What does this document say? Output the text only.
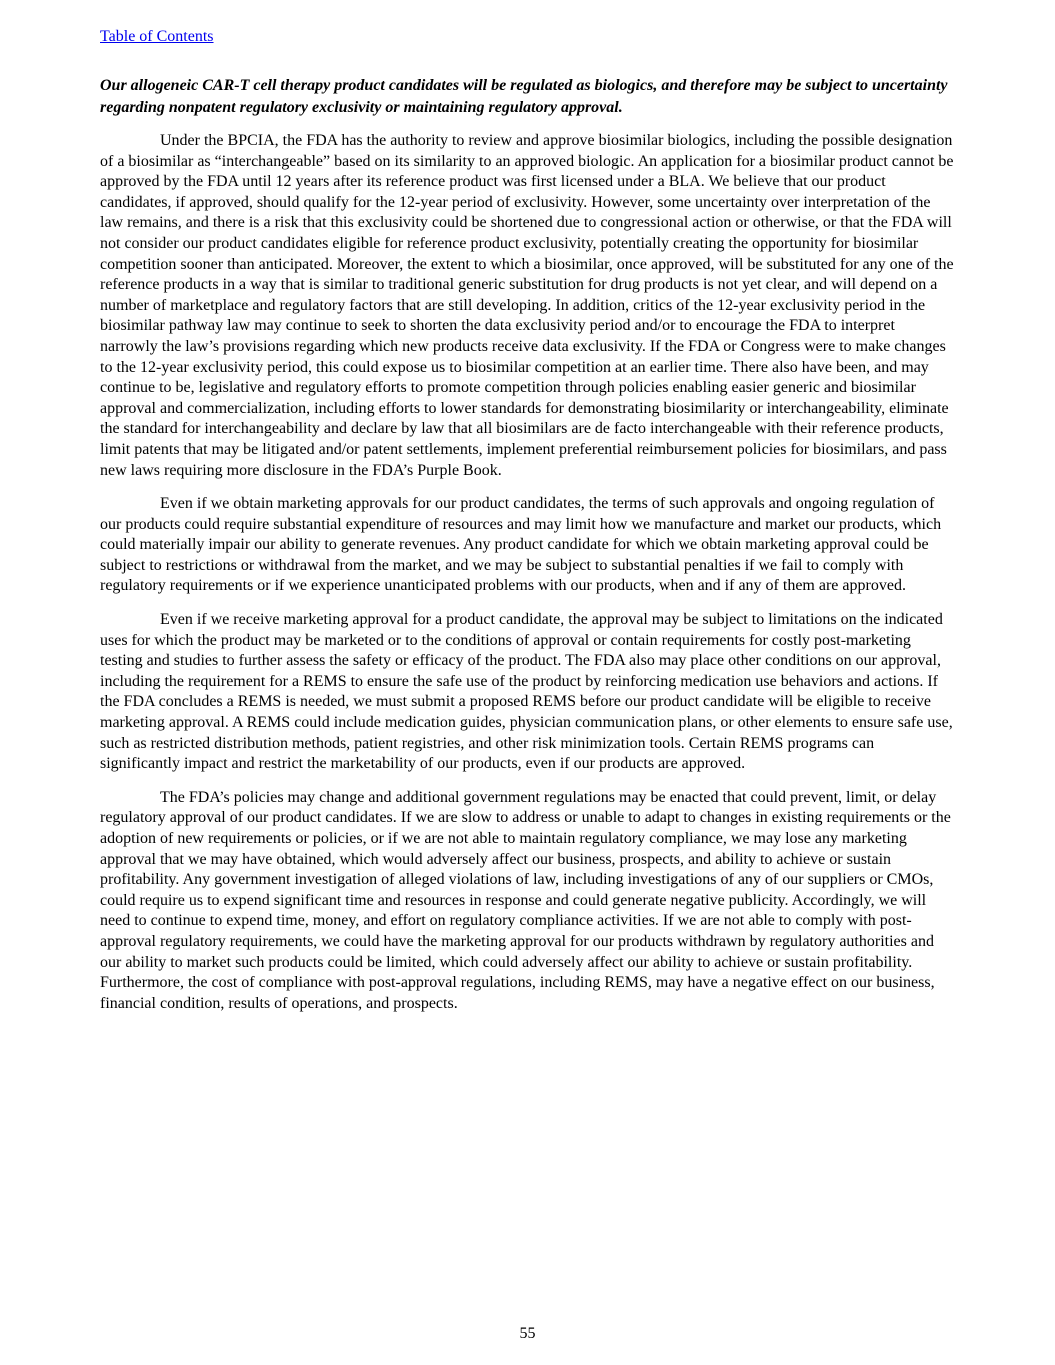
Table of Contents
Our allogeneic CAR-T cell therapy product candidates will be regulated as biologics, and therefore may be subject to uncertainty regarding nonpatent regulatory exclusivity or maintaining regulatory approval.

Under the BPCIA, the FDA has the authority to review and approve biosimilar biologics, including the possible designation of a biosimilar as “interchangeable” based on its similarity to an approved biologic. An application for a biosimilar product cannot be approved by the FDA until 12 years after its reference product was first licensed under a BLA. We believe that our product candidates, if approved, should qualify for the 12-year period of exclusivity. However, some uncertainty over interpretation of the law remains, and there is a risk that this exclusivity could be shortened due to congressional action or otherwise, or that the FDA will not consider our product candidates eligible for reference product exclusivity, potentially creating the opportunity for biosimilar competition sooner than anticipated. Moreover, the extent to which a biosimilar, once approved, will be substituted for any one of the reference products in a way that is similar to traditional generic substitution for drug products is not yet clear, and will depend on a number of marketplace and regulatory factors that are still developing. In addition, critics of the 12-year exclusivity period in the biosimilar pathway law may continue to seek to shorten the data exclusivity period and/or to encourage the FDA to interpret narrowly the law’s provisions regarding which new products receive data exclusivity. If the FDA or Congress were to make changes to the 12-year exclusivity period, this could expose us to biosimilar competition at an earlier time. There also have been, and may continue to be, legislative and regulatory efforts to promote competition through policies enabling easier generic and biosimilar approval and commercialization, including efforts to lower standards for demonstrating biosimilarity or interchangeability, eliminate the standard for interchangeability and declare by law that all biosimilars are de facto interchangeable with their reference products, limit patents that may be litigated and/or patent settlements, implement preferential reimbursement policies for biosimilars, and pass new laws requiring more disclosure in the FDA’s Purple Book.

Even if we obtain marketing approvals for our product candidates, the terms of such approvals and ongoing regulation of our products could require substantial expenditure of resources and may limit how we manufacture and market our products, which could materially impair our ability to generate revenues. Any product candidate for which we obtain marketing approval could be subject to restrictions or withdrawal from the market, and we may be subject to substantial penalties if we fail to comply with regulatory requirements or if we experience unanticipated problems with our products, when and if any of them are approved.

Even if we receive marketing approval for a product candidate, the approval may be subject to limitations on the indicated uses for which the product may be marketed or to the conditions of approval or contain requirements for costly post-marketing testing and studies to further assess the safety or efficacy of the product. The FDA also may place other conditions on our approval, including the requirement for a REMS to ensure the safe use of the product by reinforcing medication use behaviors and actions. If the FDA concludes a REMS is needed, we must submit a proposed REMS before our product candidate will be eligible to receive marketing approval. A REMS could include medication guides, physician communication plans, or other elements to ensure safe use, such as restricted distribution methods, patient registries, and other risk minimization tools. Certain REMS programs can significantly impact and restrict the marketability of our products, even if our products are approved.

The FDA’s policies may change and additional government regulations may be enacted that could prevent, limit, or delay regulatory approval of our product candidates. If we are slow to address or unable to adapt to changes in existing requirements or the adoption of new requirements or policies, or if we are not able to maintain regulatory compliance, we may lose any marketing approval that we may have obtained, which would adversely affect our business, prospects, and ability to achieve or sustain profitability. Any government investigation of alleged violations of law, including investigations of any of our suppliers or CMOs, could require us to expend significant time and resources in response and could generate negative publicity. Accordingly, we will need to continue to expend time, money, and effort on regulatory compliance activities. If we are not able to comply with post-approval regulatory requirements, we could have the marketing approval for our products withdrawn by regulatory authorities and our ability to market such products could be limited, which could adversely affect our ability to achieve or sustain profitability. Furthermore, the cost of compliance with post-approval regulations, including REMS, may have a negative effect on our business, financial condition, results of operations, and prospects.

55
